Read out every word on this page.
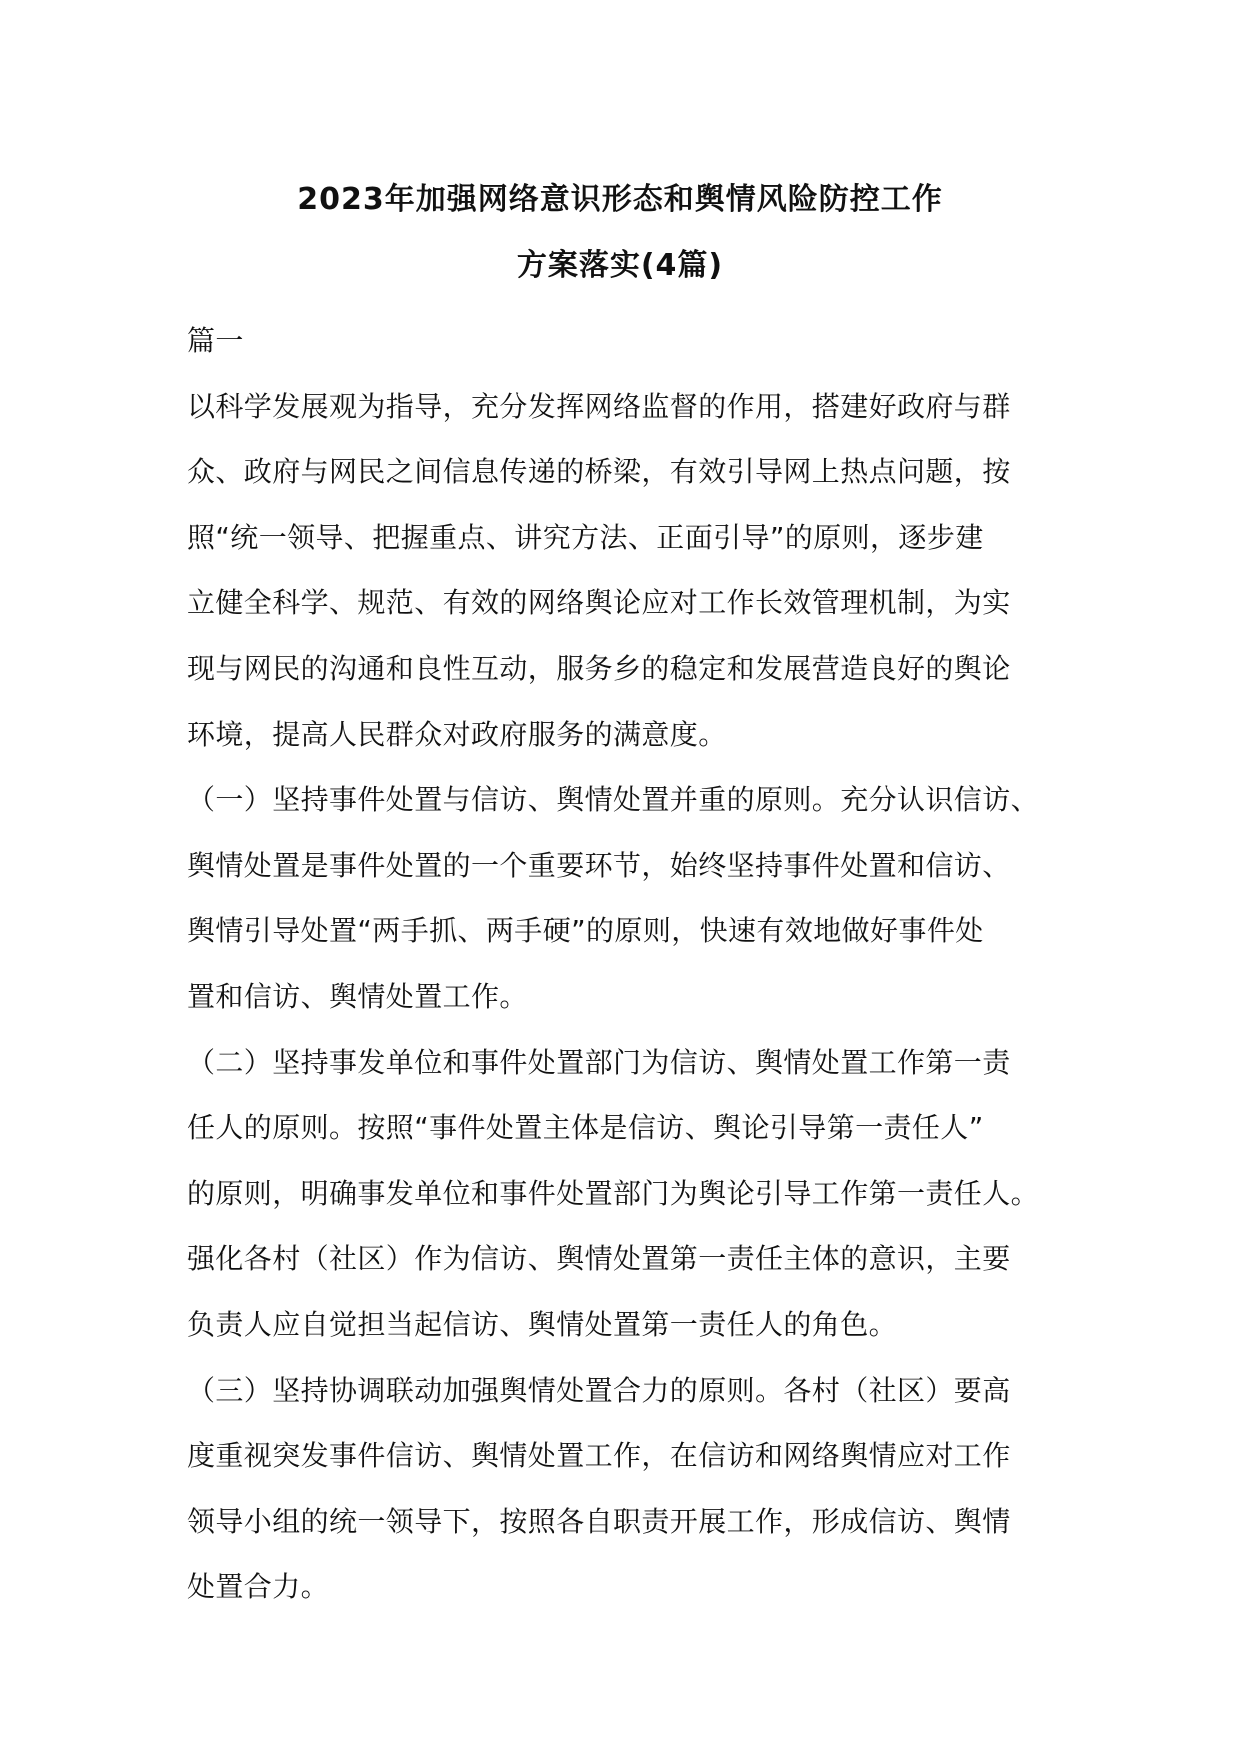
2023年加强网络意识形态和舆情风险防控工作
方案落实(4篇)
篇一
以科学发展观为指导，充分发挥网络监督的作用，搭建好政府与群
众、政府与网民之间信息传递的桥梁，有效引导网上热点问题，按
照“统一领导、把握重点、讲究方法、正面引导”的原则，逐步建
立健全科学、规范、有效的网络舆论应对工作长效管理机制，为实
现与网民的沟通和良性互动，服务乡的稳定和发展营造良好的舆论
环境，提高人民群众对政府服务的满意度。
（一）坚持事件处置与信访、舆情处置并重的原则。充分认识信访、
舆情处置是事件处置的一个重要环节，始终坚持事件处置和信访、
舆情引导处置“两手抓、两手硬”的原则，快速有效地做好事件处
置和信访、舆情处置工作。
（二）坚持事发单位和事件处置部门为信访、舆情处置工作第一责
任人的原则。按照“事件处置主体是信访、舆论引导第一责任人”
的原则，明确事发单位和事件处置部门为舆论引导工作第一责任人。
强化各村（社区）作为信访、舆情处置第一责任主体的意识，主要
负责人应自觉担当起信访、舆情处置第一责任人的角色。
（三）坚持协调联动加强舆情处置合力的原则。各村（社区）要高
度重视突发事件信访、舆情处置工作，在信访和网络舆情应对工作
领导小组的统一领导下，按照各自职责开展工作，形成信访、舆情
处置合力。
